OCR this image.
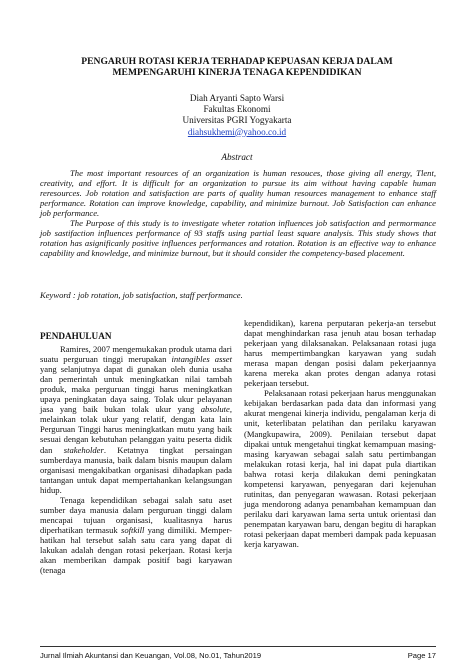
PENGARUH ROTASI KERJA TERHADAP KEPUASAN KERJA DALAM
MEMPENGARUHI KINERJA TENAGA KEPENDIDIKAN
Diah Aryanti Sapto Warsi
Fakultas Ekonomi
Universitas PGRI Yogyakarta
diahsukhemi@yahoo.co.id
Abstract

The most important resources of an organization is human resouces, those giving all energy, Tlent, creativity, and effort. It is difficult for an organization to pursue its aim without having capable human reresources. Job rotation and satisfaction are parts of quality human resources management to enhance staff performance. Rotation can improve knowledge, capability, and minimize burnout. Job Satisfaction can enhance job performance.

The Purpose of this study is to investigate wheter rotation influences job satisfaction and permormance job sastifaction influences performance of 93 staffs using partial least square analysis. This study shows that rotation has asignificanly positive influences performances and rotation. Rotation is an effective way to enhance capability and knowledge, and minimize burnout, but it should consider the competency-based placement.

Keyword : job rotation, job satisfaction, staff performance.

PENDAHULUAN

Ramires, 2007 mengemukakan produk utama dari suatu perguruan tinggi merupakan intangibles asset yang selanjutnya dapat di gunakan oleh dunia usaha dan pemerintah untuk meningkatkan nilai tambah produk, maka perguruan tinggi harus meningkatkan upaya peningkatan daya saing. Tolak ukur pelayanan jasa yang baik bukan tolak ukur yang absolute, melainkan tolak ukur yang relatif, dengan kata lain Perguruan Tinggi harus meningkatkan mutu yang baik sesuai dengan kebutuhan pelanggan yaitu peserta didik dan stakeholder. Ketatnya tingkat persaingan sumberdaya manusia, baik dalam bisnis maupun dalam organisasi mengakibatkan organisasi dihadapkan pada tantangan untuk dapat mempertahankan kelangsungan hidup.

Tenaga kependidikan sebagai salah satu aset sumber daya manusia dalam perguruan tinggi dalam mencapai tujuan organisasi, kualitasnya harus diperhatikan termasuk softkill yang dimiliki. Memper-hatikan hal tersebut salah satu cara yang dapat di lakukan adalah dengan rotasi pekerjaan. Rotasi kerja akan memberikan dampak positif bagi karyawan (tenaga

kependidikan), karena perputaran pekerja-an tersebut dapat menghindarkan rasa jenuh atau bosan terhadap pekerjaan yang dilaksanakan. Pelaksanaan rotasi juga harus mempertimbangkan karyawan yang sudah merasa mapan dengan posisi dalam pekerjaannya karena mereka akan protes dengan adanya rotasi pekerjaan tersebut.

Pelaksanaan rotasi pekerjaan harus menggunakan kebijakan berdasarkan pada data dan informasi yang akurat mengenai kinerja individu, pengalaman kerja di unit, keterlibatan pelatihan dan perilaku karyawan (Mangkupawira, 2009). Penilaian tersebut dapat dipakai untuk mengetahui tingkat kemampuan masing-masing karyawan sebagai salah satu pertimbangan melakukan rotasi kerja, hal ini dapat pula diartikan bahwa rotasi kerja dilakukan demi peningkatan kompetensi karyawan, penyegaran dari kejenuhan rutinitas, dan penyegaran wawasan. Rotasi pekerjaan juga mendorong adanya penambahan kemampuan dan perilaku dari karyawan lama serta untuk orientasi dan penempatan karyawan baru, dengan begitu di harapkan rotasi pekerjaan dapat memberi dampak pada kepuasan kerja karyawan.

Jurnal Ilmiah Akuntansi dan Keuangan, Vol.08, No.01, Tahun2019	Page 17
